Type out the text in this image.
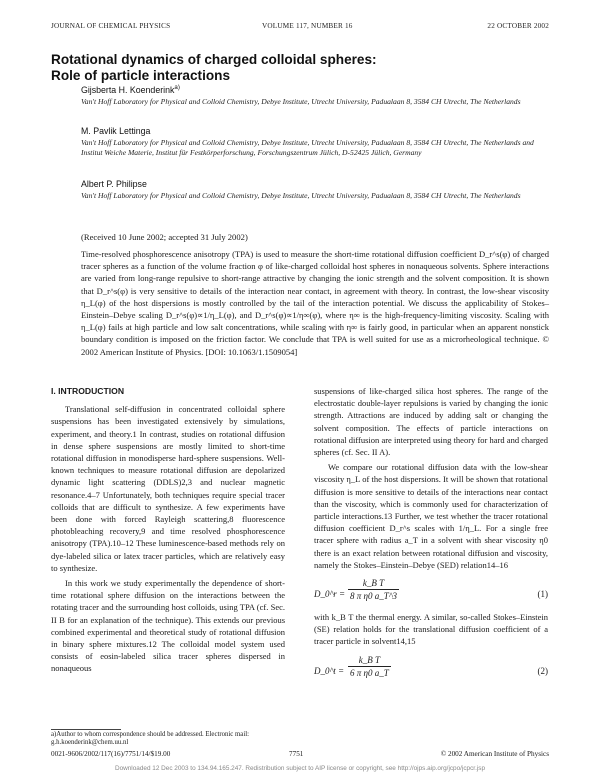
JOURNAL OF CHEMICAL PHYSICS	VOLUME 117, NUMBER 16	22 OCTOBER 2002
Rotational dynamics of charged colloidal spheres:
Role of particle interactions
Gijsberta H. Koenderink$^{a)}$
Van't Hoff Laboratory for Physical and Colloid Chemistry, Debye Institute, Utrecht University, Padualaan 8, 3584 CH Utrecht, The Netherlands
M. Pavlik Lettinga
Van't Hoff Laboratory for Physical and Colloid Chemistry, Debye Institute, Utrecht University, Padualaan 8, 3584 CH Utrecht, The Netherlands and Institut Weiche Materie, Institut für Festkörperforschung, Forschungszentrum Jülich, D-52425 Jülich, Germany
Albert P. Philipse
Van't Hoff Laboratory for Physical and Colloid Chemistry, Debye Institute, Utrecht University, Padualaan 8, 3584 CH Utrecht, The Netherlands
(Received 10 June 2002; accepted 31 July 2002)
Time-resolved phosphorescence anisotropy (TPA) is used to measure the short-time rotational diffusion coefficient D_r^s(φ) of charged tracer spheres as a function of the volume fraction φ of like-charged colloidal host spheres in nonaqueous solvents. Sphere interactions are varied from long-range repulsive to short-range attractive by changing the ionic strength and the solvent composition. It is shown that D_r^s(φ) is very sensitive to details of the interaction near contact, in agreement with theory. In contrast, the low-shear viscosity η_L(φ) of the host dispersions is mostly controlled by the tail of the interaction potential. We discuss the applicability of Stokes–Einstein–Debye scaling D_r^s(φ)∝1/η_L(φ), and D_r^s(φ)∝1/η∞(φ), where η∞ is the high-frequency-limiting viscosity. Scaling with η_L(φ) fails at high particle and low salt concentrations, while scaling with η∞ is fairly good, in particular when an apparent nonstick boundary condition is imposed on the friction factor. We conclude that TPA is well suited for use as a microrheological technique. © 2002 American Institute of Physics. [DOI: 10.1063/1.1509054]

I. INTRODUCTION

Translational self-diffusion in concentrated colloidal sphere suspensions has been investigated extensively by simulations, experiment, and theory.1 In contrast, studies on rotational diffusion in dense sphere suspensions are mostly limited to short-time rotational diffusion in monodisperse hard-sphere suspensions. Well-known techniques to measure rotational diffusion are depolarized dynamic light scattering (DDLS)2,3 and nuclear magnetic resonance.4–7 Unfortunately, both techniques require special tracer colloids that are difficult to synthesize. A few experiments have been done with forced Rayleigh scattering,8 fluorescence photobleaching recovery,9 and time resolved phosphorescence anisotropy (TPA).10–12 These luminescence-based methods rely on dye-labeled silica or latex tracer particles, which are relatively easy to synthesize.

In this work we study experimentally the dependence of short-time rotational sphere diffusion on the interactions between the rotating tracer and the surrounding host colloids, using TPA (cf. Sec. II B for an explanation of the technique). This extends our previous combined experimental and theoretical study of rotational diffusion in binary sphere mixtures.12 The colloidal model system used consists of eosin-labeled silica tracer spheres dispersed in nonaqueous

suspensions of like-charged silica host spheres. The range of the electrostatic double-layer repulsions is varied by changing the ionic strength. Attractions are induced by adding salt or changing the solvent composition. The effects of particle interactions on rotational diffusion are interpreted using theory for hard and charged spheres (cf. Sec. II A).

We compare our rotational diffusion data with the low-shear viscosity η_L of the host dispersions. It will be shown that rotational diffusion is more sensitive to details of the interactions near contact than the viscosity, which is commonly used for characterization of particle interactions.13 Further, we test whether the tracer rotational diffusion coefficient D_r^s scales with 1/η_L. For a single free tracer sphere with radius a_T in a solvent with shear viscosity η0 there is an exact relation between rotational diffusion and viscosity, namely the Stokes–Einstein–Debye (SED) relation14–16

D_0^r = $\frac{\text{k\_B T}}{\text{8 π η0 a\_T\textasciicircum{}3}}$	(1)

with k_B T the thermal energy. A similar, so-called Stokes–Einstein (SE) relation holds for the translational diffusion coefficient of a tracer particle in solvent14,15

D_0^t = $\frac{\text{k\_B T}}{\text{6 π η0 a\_T}}$	(2)
a)Author to whom correspondence should be addressed. Electronic mail: g.h.koenderink@chem.uu.nl
0021-9606/2002/117(16)/7751/14/$19.00	7751	© 2002 American Institute of Physics
Downloaded 12 Dec 2003 to 134.94.165.247. Redistribution subject to AIP license or copyright, see http://ojps.aip.org/jcpo/jcpcr.jsp
